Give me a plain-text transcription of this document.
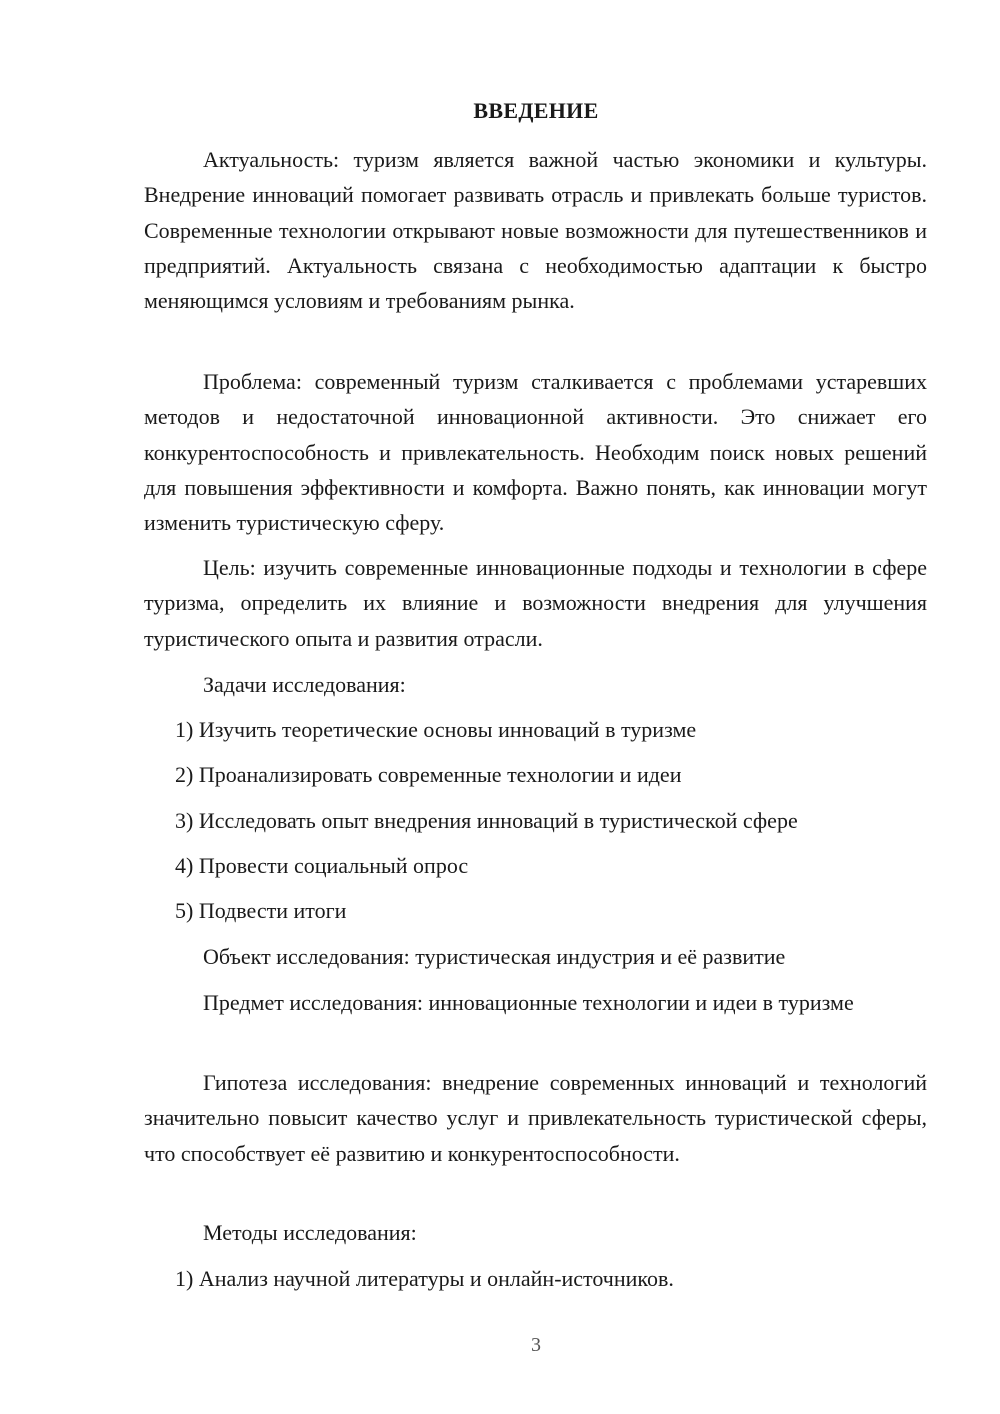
ВВЕДЕНИЕ

Актуальность: туризм является важной частью экономики и культуры. Внедрение инноваций помогает развивать отрасль и привлекать больше туристов. Современные технологии открывают новые возможности для путешественников и предприятий. Актуальность связана с необходимостью адаптации к быстро меняющимся условиям и требованиям рынка.

Проблема: современный туризм сталкивается с проблемами устаревших методов и недостаточной инновационной активности. Это снижает его конкурентоспособность и привлекательность. Необходим поиск новых решений для повышения эффективности и комфорта. Важно понять, как инновации могут изменить туристическую сферу.

Цель: изучить современные инновационные подходы и технологии в сфере туризма, определить их влияние и возможности внедрения для улучшения туристического опыта и развития отрасли.

Задачи исследования:
1) Изучить теоретические основы инноваций в туризме
2) Проанализировать современные технологии и идеи
3) Исследовать опыт внедрения инноваций в туристической сфере
4) Провести социальный опрос
5) Подвести итоги
Объект исследования: туристическая индустрия и её развитие

Предмет исследования: инновационные технологии и идеи в туризме

Гипотеза исследования: внедрение современных инноваций и технологий значительно повысит качество услуг и привлекательность туристической сферы, что способствует её развитию и конкурентоспособности.

Методы исследования:
1) Анализ научной литературы и онлайн-источников.
3
